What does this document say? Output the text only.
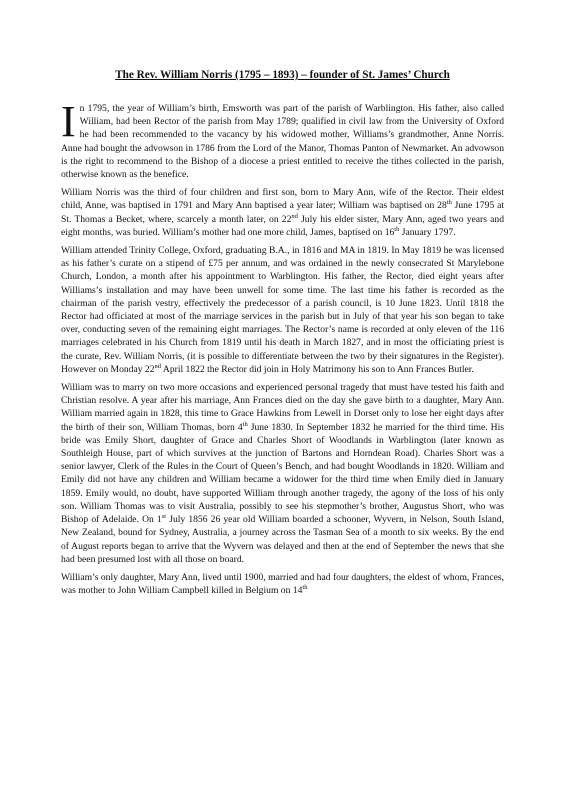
The Rev. William Norris (1795 – 1893) – founder of St. James’ Church

In 1795, the year of William’s birth, Emsworth was part of the parish of Warblington. His father, also called William, had been Rector of the parish from May 1789; qualified in civil law from the University of Oxford he had been recommended to the vacancy by his widowed mother, Williams’s grandmother, Anne Norris. Anne had bought the advowson in 1786 from the Lord of the Manor, Thomas Panton of Newmarket. An advowson is the right to recommend to the Bishop of a diocese a priest entitled to receive the tithes collected in the parish, otherwise known as the benefice.

William Norris was the third of four children and first son, born to Mary Ann, wife of the Rector. Their eldest child, Anne, was baptised in 1791 and Mary Ann baptised a year later; William was baptised on 28th June 1795 at St. Thomas a Becket, where, scarcely a month later, on 22nd July his elder sister, Mary Ann, aged two years and eight months, was buried. William’s mother had one more child, James, baptised on 16th January 1797.

William attended Trinity College, Oxford, graduating B.A., in 1816 and MA in 1819. In May 1819 he was licensed as his father’s curate on a stipend of £75 per annum, and was ordained in the newly consecrated St Marylebone Church, London, a month after his appointment to Warblington. His father, the Rector, died eight years after Williams’s installation and may have been unwell for some time. The last time his father is recorded as the chairman of the parish vestry, effectively the predecessor of a parish council, is 10 June 1823. Until 1818 the Rector had officiated at most of the marriage services in the parish but in July of that year his son began to take over, conducting seven of the remaining eight marriages. The Rector’s name is recorded at only eleven of the 116 marriages celebrated in his Church from 1819 until his death in March 1827, and in most the officiating priest is the curate, Rev. William Norris, (it is possible to differentiate between the two by their signatures in the Register). However on Monday 22nd April 1822 the Rector did join in Holy Matrimony his son to Ann Frances Butler.

William was to marry on two more occasions and experienced personal tragedy that must have tested his faith and Christian resolve. A year after his marriage, Ann Frances died on the day she gave birth to a daughter, Mary Ann. William married again in 1828, this time to Grace Hawkins from Lewell in Dorset only to lose her eight days after the birth of their son, William Thomas, born 4th June 1830. In September 1832 he married for the third time. His bride was Emily Short, daughter of Grace and Charles Short of Woodlands in Warblington (later known as Southleigh House, part of which survives at the junction of Bartons and Horndean Road). Charles Short was a senior lawyer, Clerk of the Rules in the Court of Queen’s Bench, and had bought Woodlands in 1820. William and Emily did not have any children and William became a widower for the third time when Emily died in January 1859. Emily would, no doubt, have supported William through another tragedy, the agony of the loss of his only son. William Thomas was to visit Australia, possibly to see his stepmother’s brother, Augustus Short, who was Bishop of Adelaide. On 1st July 1856 26 year old William boarded a schooner, Wyvern, in Nelson, South Island, New Zealand, bound for Sydney, Australia, a journey across the Tasman Sea of a month to six weeks. By the end of August reports began to arrive that the Wyvern was delayed and then at the end of September the news that she had been presumed lost with all those on board.

William’s only daughter, Mary Ann, lived until 1900, married and had four daughters, the eldest of whom, Frances, was mother to John William Campbell killed in Belgium on 14th
